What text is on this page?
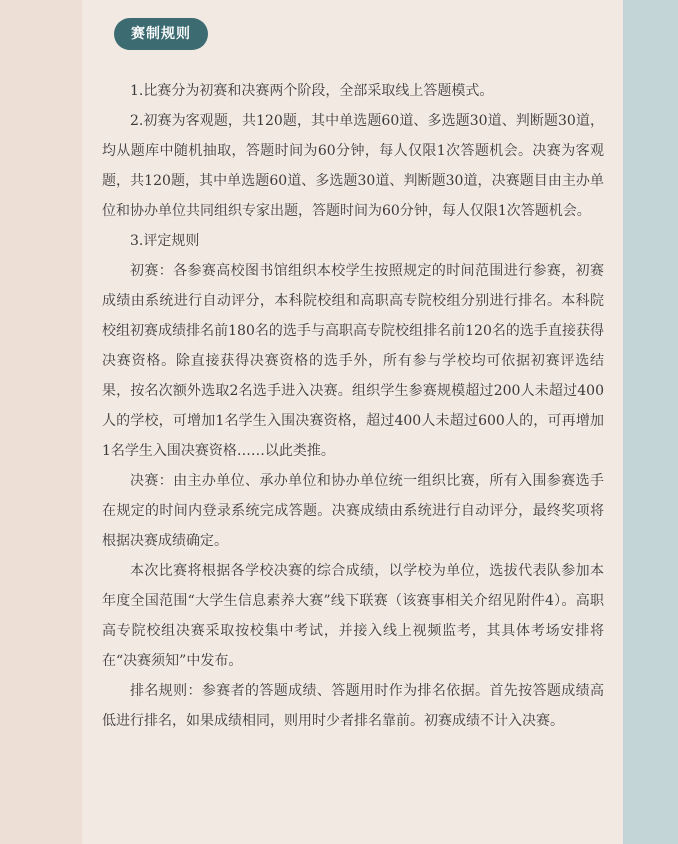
赛制规则

1.比赛分为初赛和决赛两个阶段，全部采取线上答题模式。

2.初赛为客观题，共120题，其中单选题60道、多选题30道、判断题30道，均从题库中随机抽取，答题时间为60分钟，每人仅限1次答题机会。决赛为客观题，共120题，其中单选题60道、多选题30道、判断题30道，决赛题目由主办单位和协办单位共同组织专家出题，答题时间为60分钟，每人仅限1次答题机会。

3.评定规则

初赛：各参赛高校图书馆组织本校学生按照规定的时间范围进行参赛，初赛成绩由系统进行自动评分，本科院校组和高职高专院校组分别进行排名。本科院校组初赛成绩排名前180名的选手与高职高专院校组排名前120名的选手直接获得决赛资格。除直接获得决赛资格的选手外，所有参与学校均可依据初赛评选结果，按名次额外选取2名选手进入决赛。组织学生参赛规模超过200人未超过400人的学校，可增加1名学生入围决赛资格，超过400人未超过600人的，可再增加1名学生入围决赛资格……以此类推。

决赛：由主办单位、承办单位和协办单位统一组织比赛，所有入围参赛选手在规定的时间内登录系统完成答题。决赛成绩由系统进行自动评分，最终奖项将根据决赛成绩确定。

本次比赛将根据各学校决赛的综合成绩，以学校为单位，选拔代表队参加本年度全国范围“大学生信息素养大赛”线下联赛（该赛事相关介绍见附件4）。高职高专院校组决赛采取按校集中考试，并接入线上视频监考，其具体考场安排将在“决赛须知”中发布。

排名规则：参赛者的答题成绩、答题用时作为排名依据。首先按答题成绩高低进行排名，如果成绩相同，则用时少者排名靠前。初赛成绩不计入决赛。
